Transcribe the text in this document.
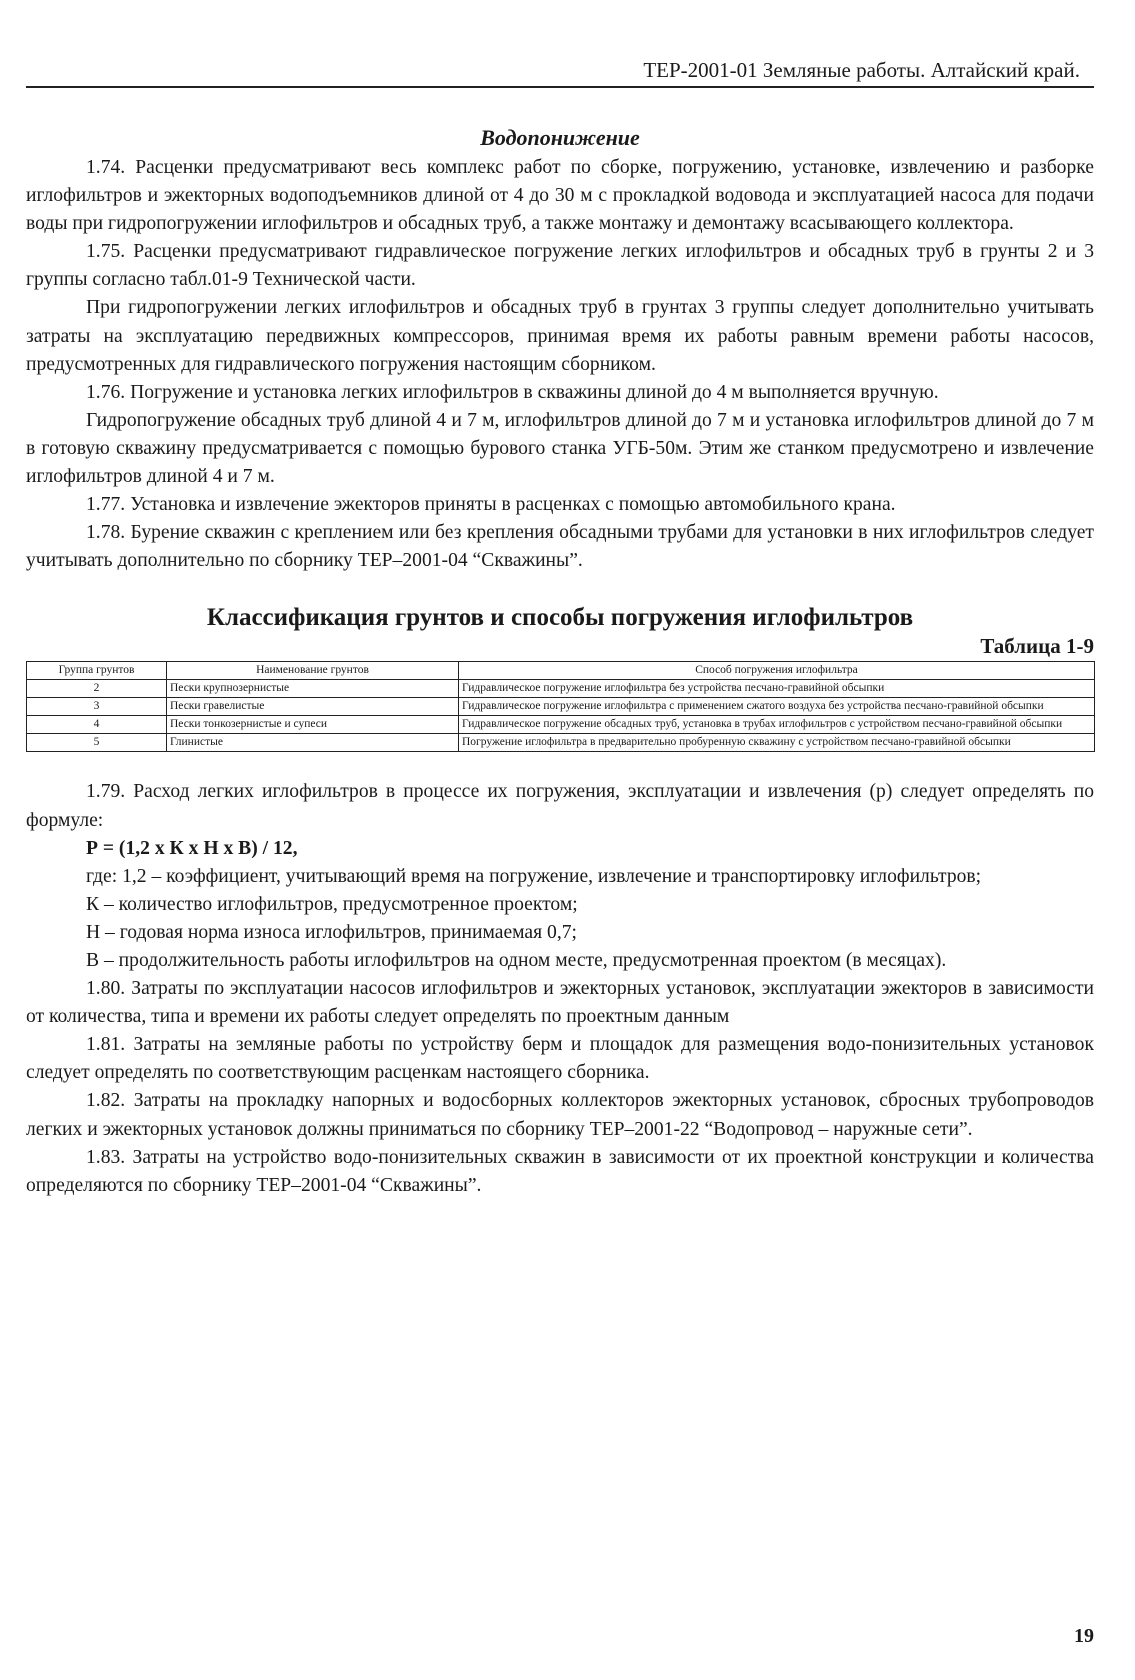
ТЕР-2001-01 Земляные работы. Алтайский край.
Водопонижение

1.74. Расценки предусматривают весь комплекс работ по сборке, погружению, установке, извлечению и разборке иглофильтров и эжекторных водоподъемников длиной от 4 до 30 м с прокладкой водовода и эксплуатацией насоса для подачи воды при гидропогружении иглофильтров и обсадных труб, а также монтажу и демонтажу всасывающего коллектора.

1.75. Расценки предусматривают гидравлическое погружение легких иглофильтров и обсадных труб в грунты 2 и 3 группы согласно табл.01-9 Технической части.

При гидропогружении легких иглофильтров и обсадных труб в грунтах 3 группы следует дополнительно учитывать затраты на эксплуатацию передвижных компрессоров, принимая время их работы равным времени работы насосов, предусмотренных для гидравлического погружения настоящим сборником.

1.76. Погружение и установка легких иглофильтров в скважины длиной до 4 м выполняется вручную.

Гидропогружение обсадных труб длиной 4 и 7 м, иглофильтров длиной до 7 м и установка иглофильтров длиной до 7 м в готовую скважину предусматривается с помощью бурового станка УГБ-50м. Этим же станком предусмотрено и извлечение иглофильтров длиной 4 и 7 м.

1.77. Установка и извлечение эжекторов приняты в расценках с помощью автомобильного крана.

1.78. Бурение скважин с креплением или без крепления обсадными трубами для установки в них иглофильтров следует учитывать дополнительно по сборнику ТЕР–2001-04 “Скважины”.

Классификация грунтов и способы погружения иглофильтров
Таблица 1-9
Группа грунтов	Наименование грунтов	Способ погружения иглофильтра
2	Пески крупнозернистые	Гидравлическое погружение иглофильтра без устройства песчано-гравийной обсыпки
3	Пески гравелистые	Гидравлическое погружение иглофильтра с применением сжатого воздуха без устройства песчано-гравийной обсыпки
4	Пески тонкозернистые и супеси	Гидравлическое погружение обсадных труб, установка в трубах иглофильтров с устройством песчано-гравийной обсыпки
5	Глинистые	Погружение иглофильтра в предварительно пробуренную скважину с устройством песчано-гравийной обсыпки

1.79. Расход легких иглофильтров в процессе их погружения, эксплуатации и извлечения (р) следует определять по формуле:

Р = (1,2 х К х Н х В) / 12,

где: 1,2 – коэффициент, учитывающий время на погружение, извлечение и транспортировку иглофильтров;

К – количество иглофильтров, предусмотренное проектом;

Н – годовая норма износа иглофильтров, принимаемая 0,7;

В – продолжительность работы иглофильтров на одном месте, предусмотренная проектом (в месяцах).

1.80. Затраты по эксплуатации насосов иглофильтров и эжекторных установок, эксплуатации эжекторов в зависимости от количества, типа и времени их работы следует определять по проектным данным

1.81. Затраты на земляные работы по устройству берм и площадок для размещения водо-понизительных установок следует определять по соответствующим расценкам настоящего сборника.

1.82. Затраты на прокладку напорных и водосборных коллекторов эжекторных установок, сбросных трубопроводов легких и эжекторных установок должны приниматься по сборнику ТЕР–2001-22 “Водопровод – наружные сети”.

1.83. Затраты на устройство водо-понизительных скважин в зависимости от их проектной конструкции и количества определяются по сборнику ТЕР–2001-04 “Скважины”.

19
